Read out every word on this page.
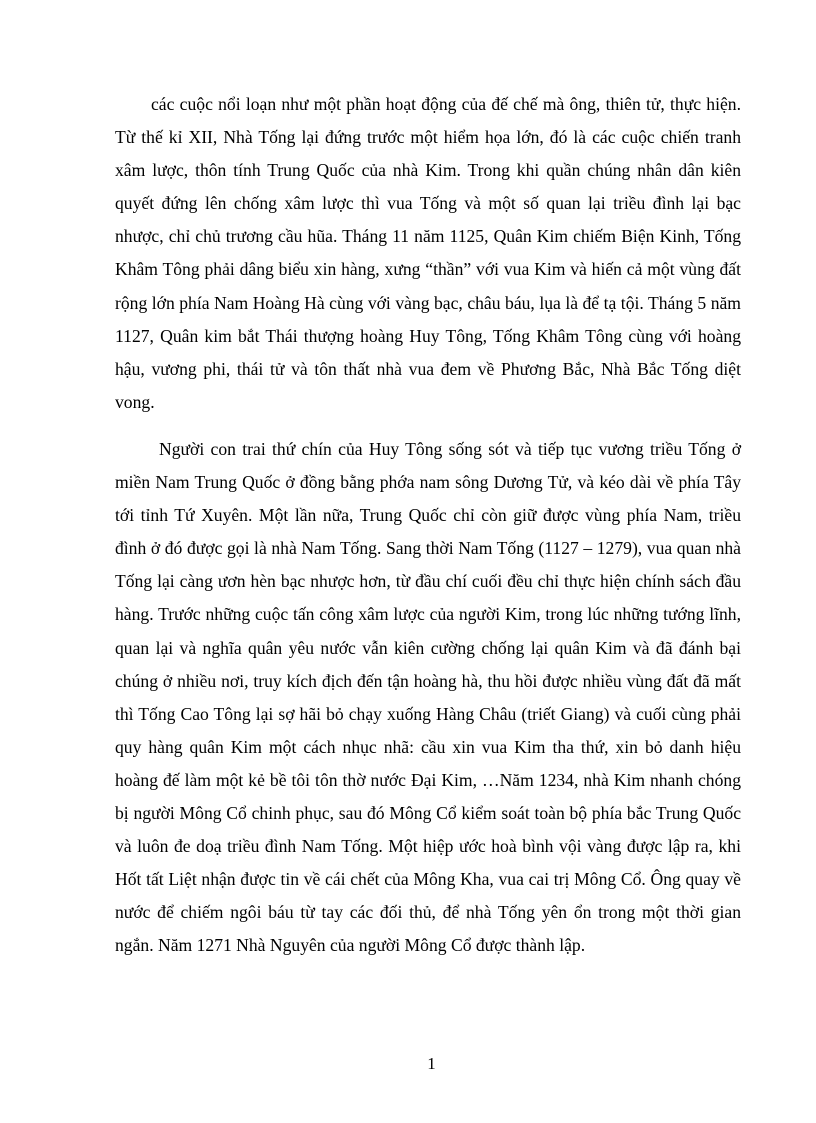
các cuộc nổi loạn như một phần hoạt động của đế chế mà ông, thiên tử, thực hiện. Từ thế kỉ XII, Nhà Tống lại đứng trước một hiểm họa lớn, đó là các cuộc chiến tranh xâm lược, thôn tính Trung Quốc của nhà Kim. Trong khi quần chúng nhân dân kiên quyết đứng lên chống xâm lược thì vua Tống và một số quan lại triều đình lại bạc nhược, chỉ chủ trương cầu hũa. Tháng 11 năm 1125, Quân Kim chiếm Biện Kinh, Tống Khâm Tông phải dâng biểu xin hàng, xưng “thần” với vua Kim và hiến cả một vùng đất rộng lớn phía Nam Hoàng Hà cùng với vàng bạc, châu báu, lụa là để tạ tội. Tháng 5 năm 1127, Quân kim bắt Thái thượng hoàng Huy Tông, Tống Khâm Tông cùng với hoàng hậu, vương phi, thái tử và tôn thất nhà vua đem về Phương Bắc, Nhà Bắc Tống diệt vong.

Người con trai thứ chín của Huy Tông sống sót và tiếp tục vương triều Tống ở miền Nam Trung Quốc ở đồng bằng phớa nam sông Dương Tử, và kéo dài về phía Tây tới tỉnh Tứ Xuyên. Một lần nữa, Trung Quốc chỉ còn giữ được vùng phía Nam, triều đình ở đó được gọi là nhà Nam Tống. Sang thời Nam Tống (1127 – 1279), vua quan nhà Tống lại càng ươn hèn bạc nhược hơn, từ đầu chí cuối đều chỉ thực hiện chính sách đầu hàng. Trước những cuộc tấn công xâm lược của người Kim, trong lúc những tướng lĩnh, quan lại và nghĩa quân yêu nước vẫn kiên cường chống lại quân Kim và đã đánh bại chúng ở nhiều nơi, truy kích địch đến tận hoàng hà, thu hồi được nhiều vùng đất đã mất thì Tống Cao Tông lại sợ hãi bỏ chạy xuống Hàng Châu (triết Giang) và cuối cùng phải quy hàng quân Kim một cách nhục nhã: cầu xin vua Kim tha thứ, xin bỏ danh hiệu hoàng đế làm một kẻ bề tôi tôn thờ nước Đại Kim, …Năm 1234, nhà Kim nhanh chóng bị người Mông Cổ chinh phục, sau đó Mông Cổ kiểm soát toàn bộ phía bắc Trung Quốc và luôn đe doạ triều đình Nam Tống. Một hiệp ước hoà bình vội vàng được lập ra, khi Hốt tất Liệt nhận được tin về cái chết của Mông Kha, vua cai trị Mông Cổ. Ông quay về nước để chiếm ngôi báu từ tay các đối thủ, để nhà Tống yên ổn trong một thời gian ngắn. Năm 1271 Nhà Nguyên của người Mông Cổ được thành lập.

1
